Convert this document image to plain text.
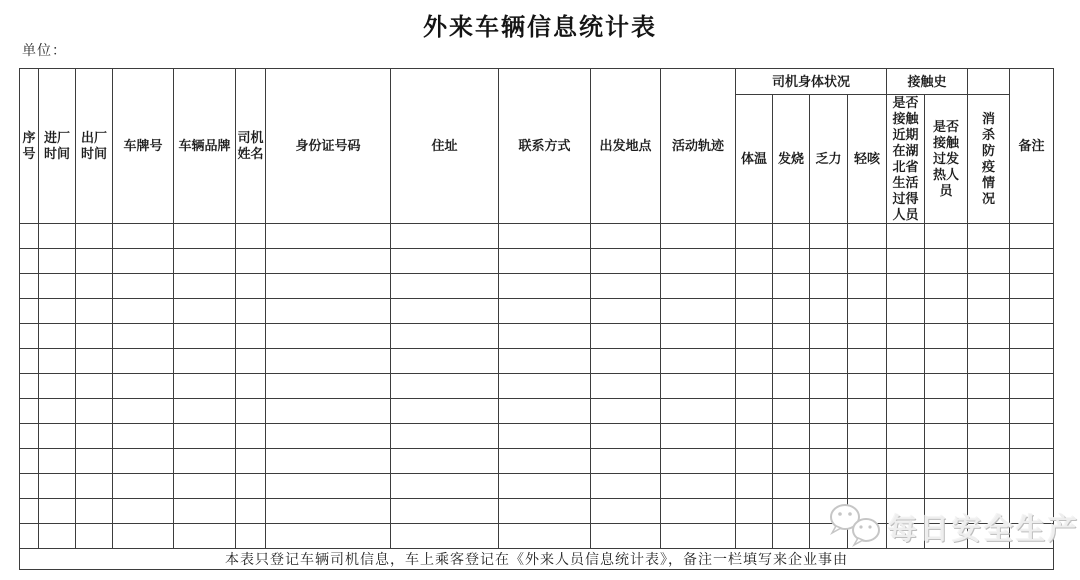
外来车辆信息统计表
单位：
序号	进厂时间	出厂时间	车牌号	车辆品牌	司机姓名	身份证号码	住址	联系方式	出发地点	活动轨迹	司机身体状况				接触史			备注
											体温	发烧	乏力	轻咳	是否接触近期在湖北省生活过得人员	是否接触过发热人员	消杀防疫情况	

本表只登记车辆司机信息，车上乘客登记在《外来人员信息统计表》，备注一栏填写来企业事由																		
每日安全生产
